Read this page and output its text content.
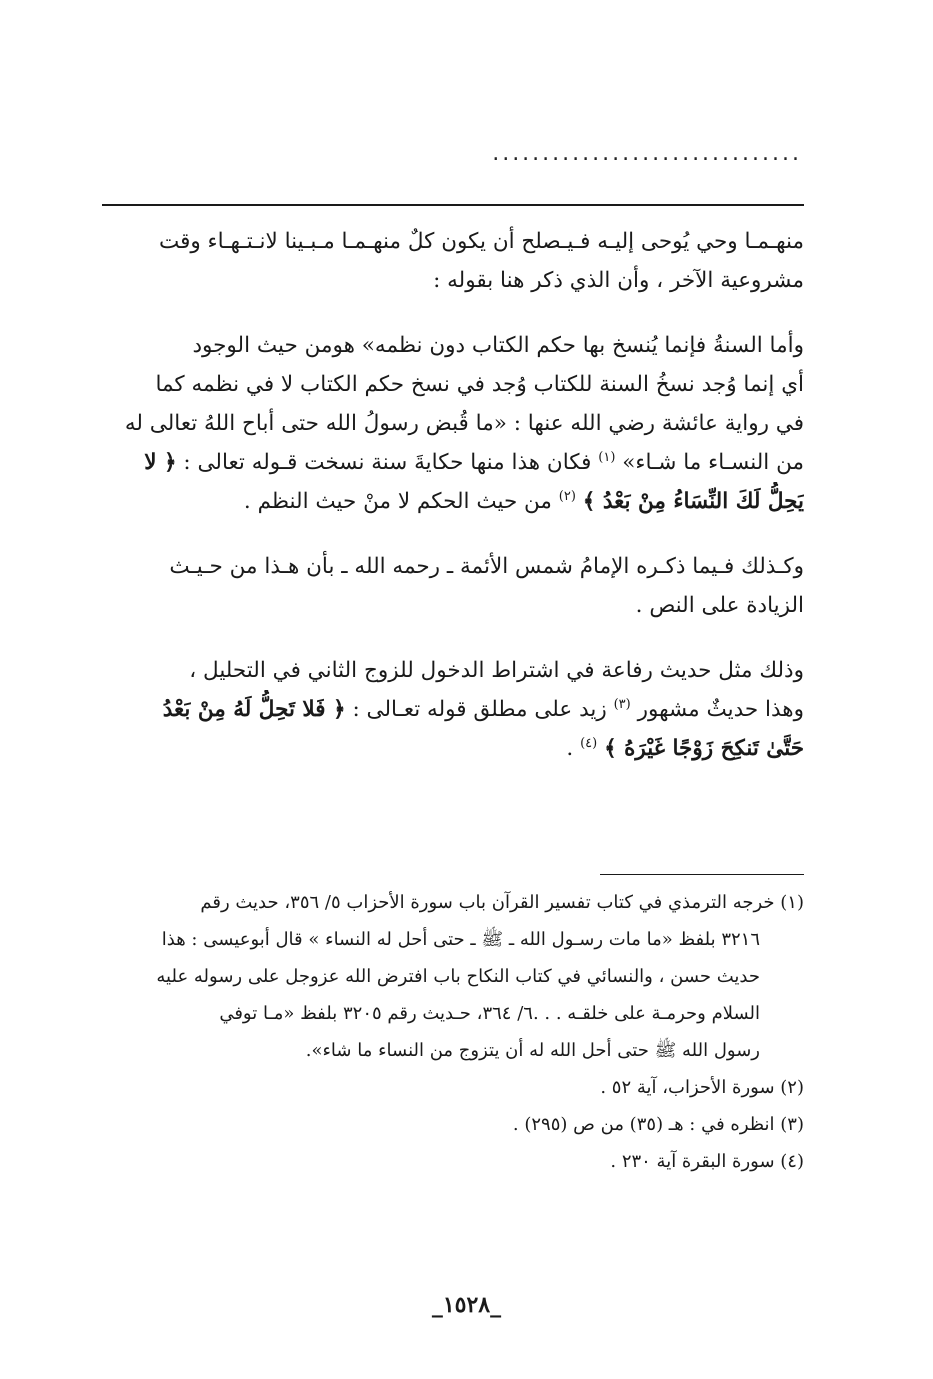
...............................

منهـمـا وحي يُوحى إليـه فـيـصلح أن يكون كلٌ منهـمـا مـبـينا لانـتـهـاء وقت
مشروعية الآخر ، وأن الذي ذكر هنا بقوله :

وأما السنةُ فإنما يُنسخ بها حكم الكتاب دون نظمه» هومن حيث الوجود
أي إنما وُجد نسخُ السنة للكتاب وُجد في نسخ حكم الكتاب لا في نظمه كما
في رواية عائشة رضي الله عنها : «ما قُبض رسولُ الله حتى أباح اللهُ تعالى له
من النسـاء ما شـاء» $^{(١)}$ فكان هذا منها حكايةَ سنة نسخت قـوله تعالى : ﴿ لا
يَحِلُّ لَكَ النِّسَاءُ مِنْ بَعْدُ ﴾ $^{(٢)}$ من حيث الحكم لا منْ حيث النظم .

وكـذلك فـيما ذكـره الإمامُ شمس الأئمة ـ رحمه الله ـ بأن هـذا من حـيـث
الزيادة على النص .

وذلك مثل حديث رفاعة في اشتراط الدخول للزوج الثاني في التحليل ،
وهذا حديثٌ مشهور $^{(٣)}$ زيد على مطلق قوله تعـالى : ﴿ فَلا تَحِلُّ لَهُ مِنْ بَعْدُ
حَتَّىٰ تَنكِحَ زَوْجًا غَيْرَهُ ﴾ $^{(٤)}$ .

(١) خرجه الترمذي في كتاب تفسير القرآن باب سورة الأحزاب ٥/ ٣٥٦، حديث رقم
٣٢١٦ بلفظ «ما مات رسـول الله ـ ﷺ ـ حتى أحل له النساء » قال أبوعيسى : هذا
حديث حسن ، والنسائي في كتاب النكاح باب افترض الله عزوجل على رسوله عليه
السلام وحرمـة على خلقـه . . .٦/ ٣٦٤، حـديث رقم ٣٢٠٥ بلفظ «مـا توفي
رسول الله ﷺ حتى أحل الله له أن يتزوج من النساء ما شاء».
(٢) سورة الأحزاب، آية ٥٢ .
(٣) انظره في : هـ (٣٥) من ص (٢٩٥) .
(٤) سورة البقرة آية ٢٣٠ .
_١٥٢٨_
